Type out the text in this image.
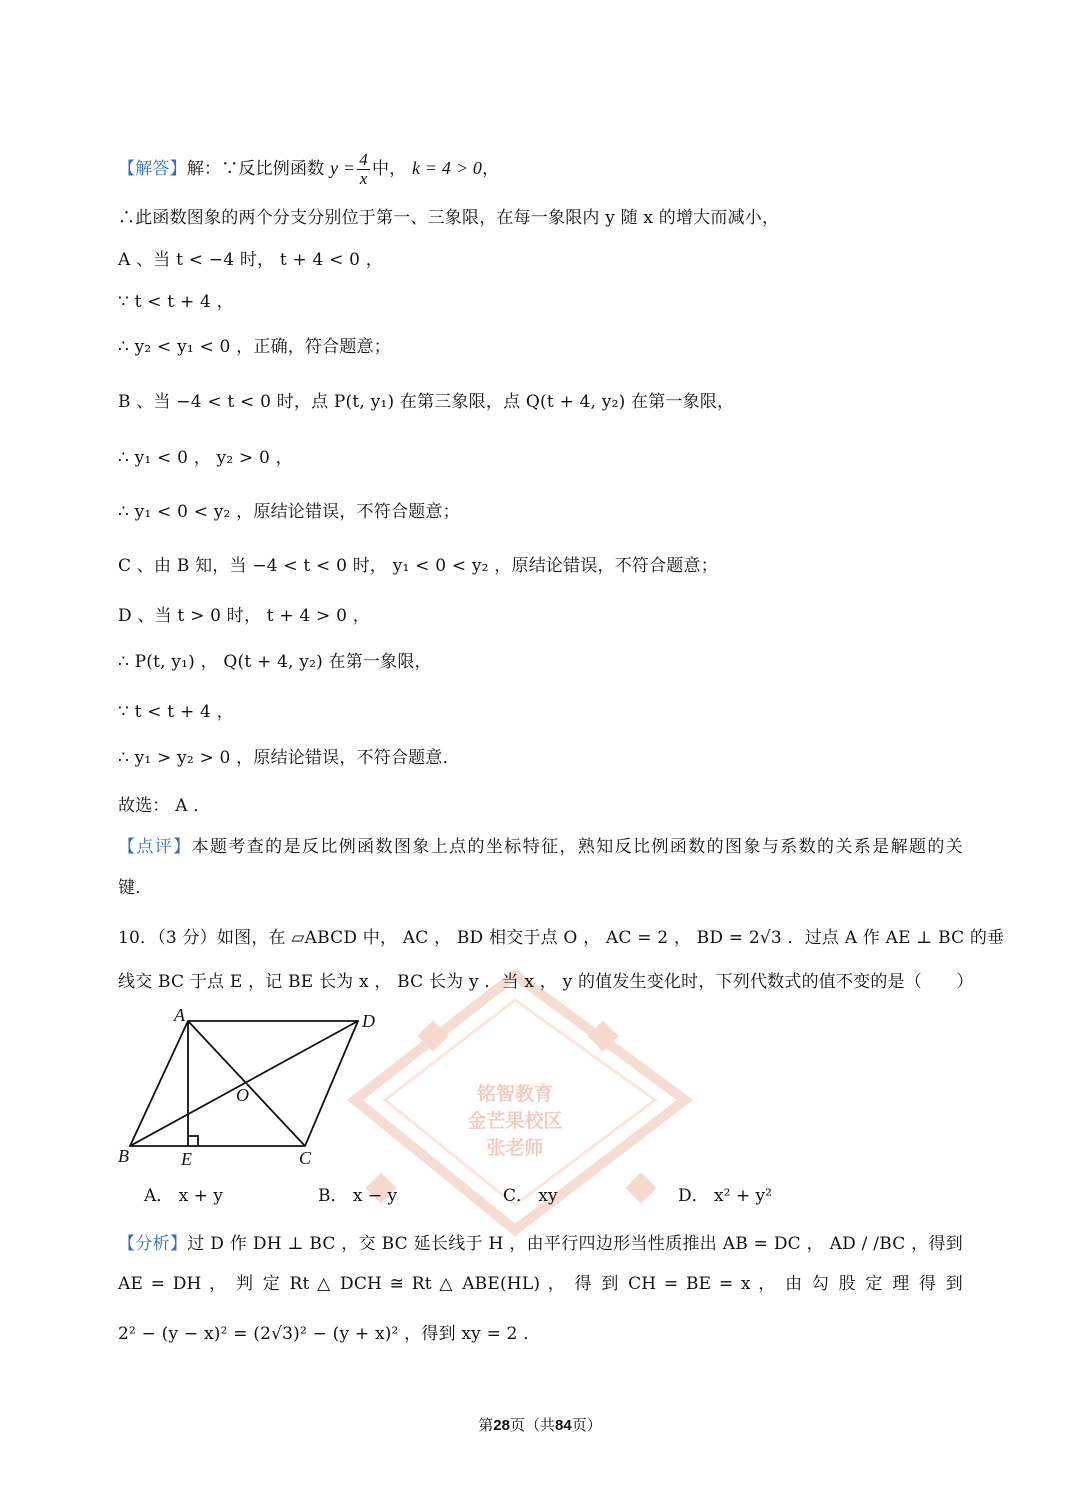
铭智教育
金芒果校区
张老师
【解答】解：∵反比例函数 $y = \frac{4}{x}$ 中， k = 4 > 0，
∴此函数图象的两个分支分别位于第一、三象限，在每一象限内 y 随 x 的增大而减小，
A 、当 t < −4 时， t + 4 < 0 ，
∵ t < t + 4 ，
∴ y₂ < y₁ < 0 ，正确，符合题意；
B 、当 −4 < t < 0 时，点 P(t, y₁) 在第三象限，点 Q(t + 4, y₂) 在第一象限，
∴ y₁ < 0 ， y₂ > 0 ，
∴ y₁ < 0 < y₂ ，原结论错误，不符合题意；
C 、由 B 知，当 −4 < t < 0 时， y₁ < 0 < y₂ ，原结论错误，不符合题意；
D 、当 t > 0 时， t + 4 > 0 ，
∴ P(t, y₁) ， Q(t + 4, y₂) 在第一象限，
∵ t < t + 4 ，
∴ y₁ > y₂ > 0 ，原结论错误，不符合题意．
故选： A ．
【点评】本题考查的是反比例函数图象上点的坐标特征，熟知反比例函数的图象与系数的关系是解题的关
键．
10．（3 分）如图，在 ▱ABCD 中， AC ， BD 相交于点 O ， AC = 2 ， BD = 2√3 ．过点 A 作 AE ⊥ BC 的垂
线交 BC 于点 E ，记 BE 长为 x ， BC 长为 y ．当 x ， y 的值发生变化时，下列代数式的值不变的是（　　）
A	D
O
B	E	C
A． x + y	B． x − y	C． xy	D． x² + y²
【分析】过 D 作 DH ⊥ BC ，交 BC 延长线于 H ，由平行四边形当性质推出 AB = DC ， AD / /BC ，得到
AE = DH ， 判 定 Rt △ DCH ≅ Rt △ ABE(HL) ， 得 到 CH = BE = x ， 由 勾 股 定 理 得 到
2² − (y − x)² = (2√3)² − (y + x)² ，得到 xy = 2 ．
第28页（共84页）
